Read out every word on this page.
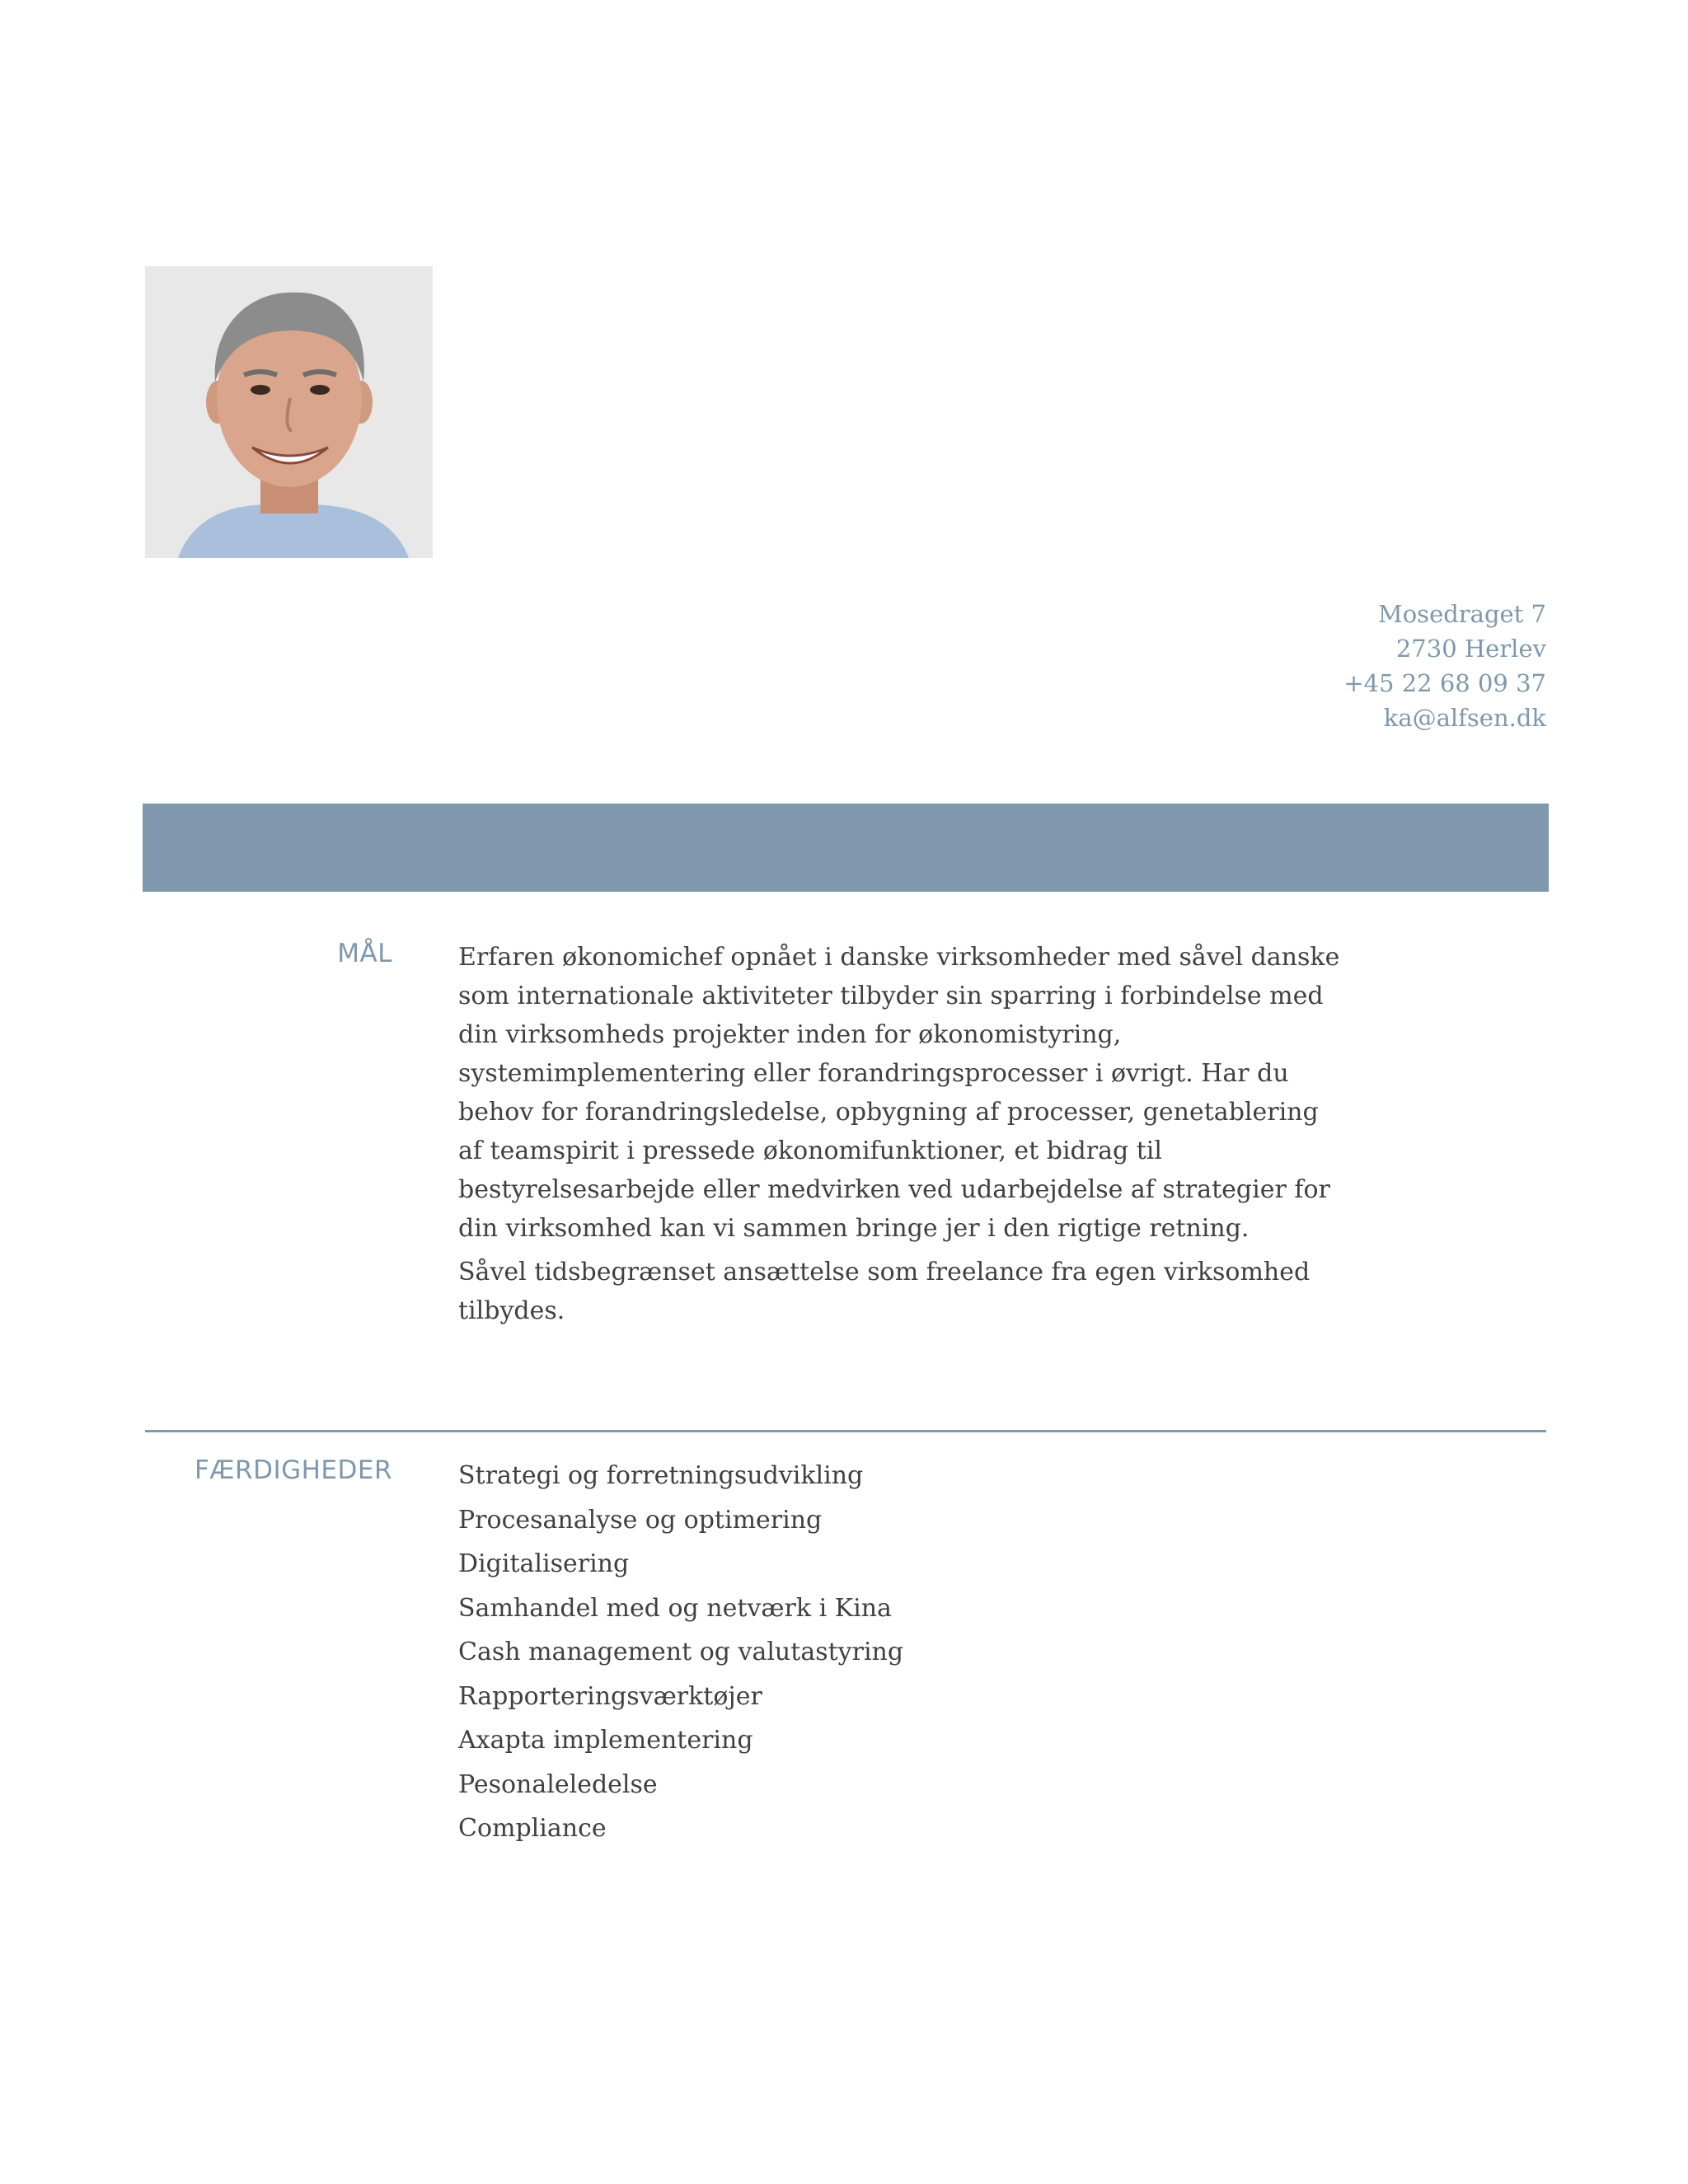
Mosedraget 7
2730 Herlev
+45 22 68 09 37
ka@alfsen.dk
MÅL	Erfaren økonomichef opnået i danske virksomheder med såvel danske som internationale aktiviteter tilbyder sin sparring i forbindelse med din virksomheds projekter inden for økonomistyring, systemimplementering eller forandringsprocesser i øvrigt. Har du behov for forandringsledelse, opbygning af processer, genetablering af teamspirit i pressede økonomifunktioner, et bidrag til bestyrelsesarbejde eller medvirken ved udarbejdelse af strategier for din virksomhed kan vi sammen bringe jer i den rigtige retning.

Såvel tidsbegrænset ansættelse som freelance fra egen virksomhed tilbydes.

FÆRDIGHEDER	Strategi og forretningsudvikling
Procesanalyse og optimering
Digitalisering
Samhandel med og netværk i Kina
Cash management og valutastyring
Rapporteringsværktøjer
Axapta implementering
Pesonaleledelse
Compliance
